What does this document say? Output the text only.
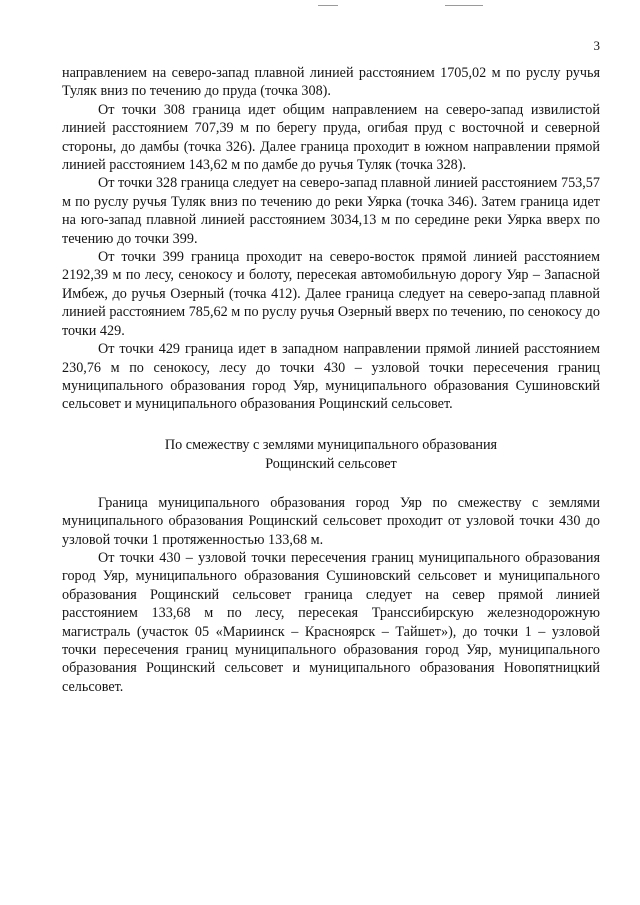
3

направлением на северо-запад плавной линией расстоянием 1705,02 м по руслу ручья Туляк вниз по течению до пруда (точка 308).

От точки 308 граница идет общим направлением на северо-запад извилистой линией расстоянием 707,39 м по берегу пруда, огибая пруд с восточной и северной стороны, до дамбы (точка 326). Далее граница проходит в южном направлении прямой линией расстоянием 143,62 м по дамбе до ручья Туляк (точка 328).

От точки 328 граница следует на северо-запад плавной линией расстоянием 753,57 м по руслу ручья Туляк вниз по течению до реки Уярка (точка 346). Затем граница идет на юго-запад плавной линией расстоянием 3034,13 м по середине реки Уярка вверх по течению до точки 399.

От точки 399 граница проходит на северо-восток прямой линией расстоянием 2192,39 м по лесу, сенокосу и болоту, пересекая автомобильную дорогу Уяр – Запасной Имбеж, до ручья Озерный (точка 412). Далее граница следует на северо-запад плавной линией расстоянием 785,62 м по руслу ручья Озерный вверх по течению, по сенокосу до точки 429.

От точки 429 граница идет в западном направлении прямой линией расстоянием 230,76 м по сенокосу, лесу до точки 430 – узловой точки пересечения границ муниципального образования город Уяр, муниципального образования Сушиновский сельсовет и муниципального образования Рощинский сельсовет.

По смежеству с землями муниципального образования
Рощинский сельсовет

Граница муниципального образования город Уяр по смежеству с землями муниципального образования Рощинский сельсовет проходит от узловой точки 430 до узловой точки 1 протяженностью 133,68 м.

От точки 430 – узловой точки пересечения границ муниципального образования город Уяр, муниципального образования Сушиновский сельсовет и муниципального образования Рощинский сельсовет граница следует на север прямой линией расстоянием 133,68 м по лесу, пересекая Транссибирскую железнодорожную магистраль (участок 05 «Мариинск – Красноярск – Тайшет»), до точки 1 – узловой точки пересечения границ муниципального образования город Уяр, муниципального образования Рощинский сельсовет и муниципального образования Новопятницкий сельсовет.
